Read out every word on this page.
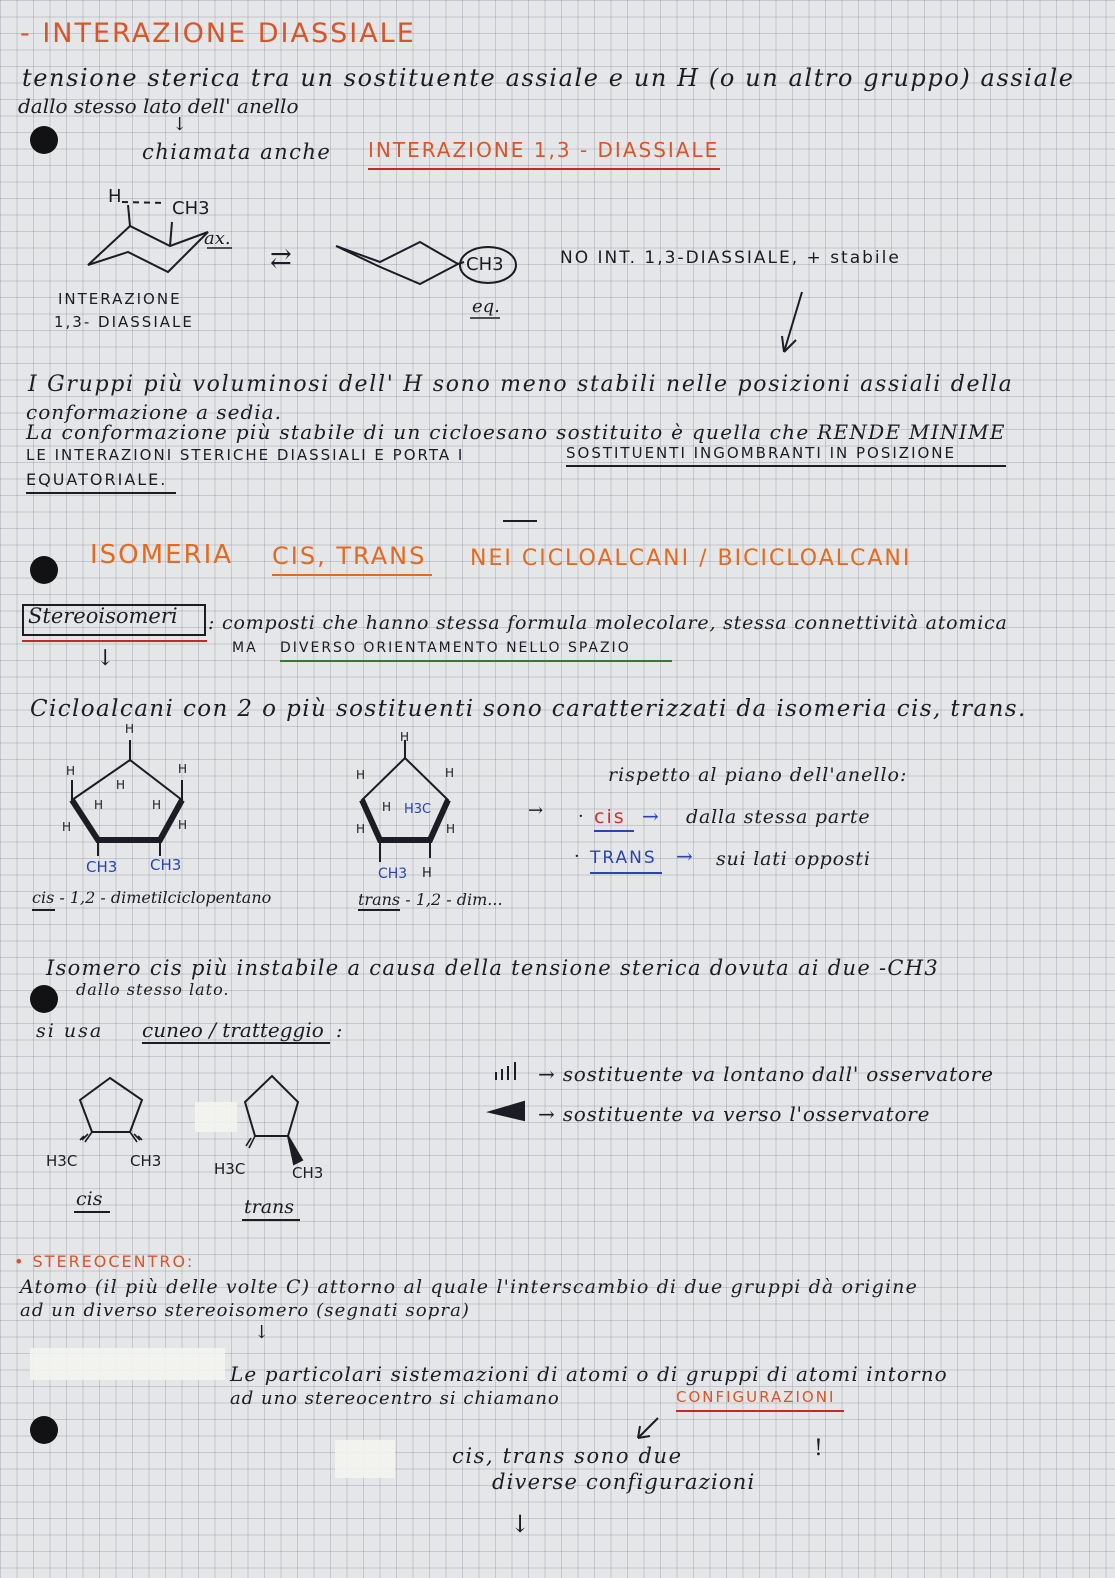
- INTERAZIONE DIASSIALE
tensione sterica tra un sostituente assiale e un H (o un altro gruppo) assiale
dallo stesso lato dell' anello
↓
chiamata anche INTERAZIONE 1,3 - DIASSIALE
H
CH3
ax.
⇄	CH3
eq.
INTERAZIONE
1,3- DIASSIALE
NO INT. 1,3-DIASSIALE, + stabile
I Gruppi più voluminosi dell' H sono meno stabili nelle posizioni assiali della
conformazione a sedia.
La conformazione più stabile di un cicloesano sostituito è quella che RENDE MINIME
LE INTERAZIONI STERICHE DIASSIALI E PORTA I	SOSTITUENTI INGOMBRANTI IN POSIZIONE
EQUATORIALE.
ISOMERIA CIS, TRANS NEI CICLOALCANI / BICICLOALCANI
Stereoisomeri : composti che hanno stessa formula molecolare, stessa connettività atomica
MA DIVERSO ORIENTAMENTO NELLO SPAZIO
↓
Cicloalcani con 2 o più sostituenti sono caratterizzati da isomeria cis, trans.
H
H	H
H
H	H
H	H
CH3 CH3
cis - 1,2 - dimetilciclopentano
H
H	H
H H3C
H	H
CH3 H
trans - 1,2 - dim...
→
rispetto al piano dell'anello:
· cis → dalla stessa parte
· TRANS → sui lati opposti
Isomero cis più instabile a causa della tensione sterica dovuta ai due -CH3
dallo stesso lato.
si usa cuneo / tratteggio :
→ sostituente va lontano dall' osservatore
→ sostituente va verso l'osservatore
H3C	CH3
cis
H3C	CH3
trans
• STEREOCENTRO:
Atomo (il più delle volte C) attorno al quale l'interscambio di due gruppi dà origine
ad un diverso stereoisomero (segnati sopra)
↓
Le particolari sistemazioni di atomi o di gruppi di atomi intorno
ad uno stereocentro si chiamano	CONFIGURAZIONI
cis, trans sono due
diverse configurazioni
!
↓
